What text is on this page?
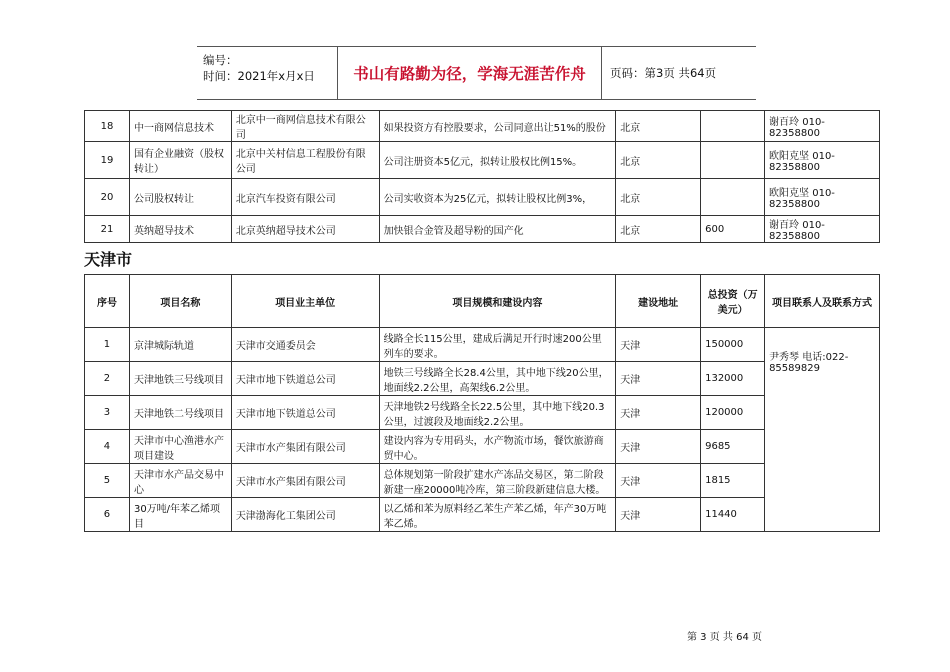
编号：
时间：2021年x月x日	书山有路勤为径，学海无涯苦作舟	页码：第3页 共64页
18	中一商网信息技术	北京中一商网信息技术有限公司	如果投资方有控股要求，公司同意出让51%的股份	北京		谢百玲 010-82358800
19	国有企业融资（股权转让）	北京中关村信息工程股份有限公司	公司注册资本5亿元，拟转让股权比例15%。	北京		欧阳克坚 010-82358800
20	公司股权转让	北京汽车投资有限公司	公司实收资本为25亿元，拟转让股权比例3%，	北京		欧阳克坚 010-82358800
21	英纳超导技术	北京英纳超导技术公司	加快银合金管及超导粉的国产化	北京	600	谢百玲 010-82358800
天津市
序号	项目名称	项目业主单位	项目规模和建设内容	建设地址	总投资（万美元）	项目联系人及联系方式
1	京津城际轨道	天津市交通委员会	线路全长115公里，建成后满足开行时速200公里列车的要求。	天津	150000	尹秀琴 电话:022-85589829
2	天津地铁三号线项目	天津市地下铁道总公司	地铁三号线路全长28.4公里，其中地下线20公里，地面线2.2公里，高架线6.2公里。	天津	132000	
3	天津地铁二号线项目	天津市地下铁道总公司	天津地铁2号线路全长22.5公里，其中地下线20.3公里，过渡段及地面线2.2公里。	天津	120000	
4	天津市中心渔港水产项目建设	天津市水产集团有限公司	建设内容为专用码头，水产物流市场，餐饮旅游商贸中心。	天津	9685	
5	天津市水产品交易中心	天津市水产集团有限公司	总体规划第一阶段扩建水产冻品交易区，第二阶段新建一座20000吨冷库，第三阶段新建信息大楼。	天津	1815	
6	30万吨/年苯乙烯项目	天津渤海化工集团公司	以乙烯和苯为原料经乙苯生产苯乙烯，年产30万吨苯乙烯。	天津	11440	
第 3 页 共 64 页
